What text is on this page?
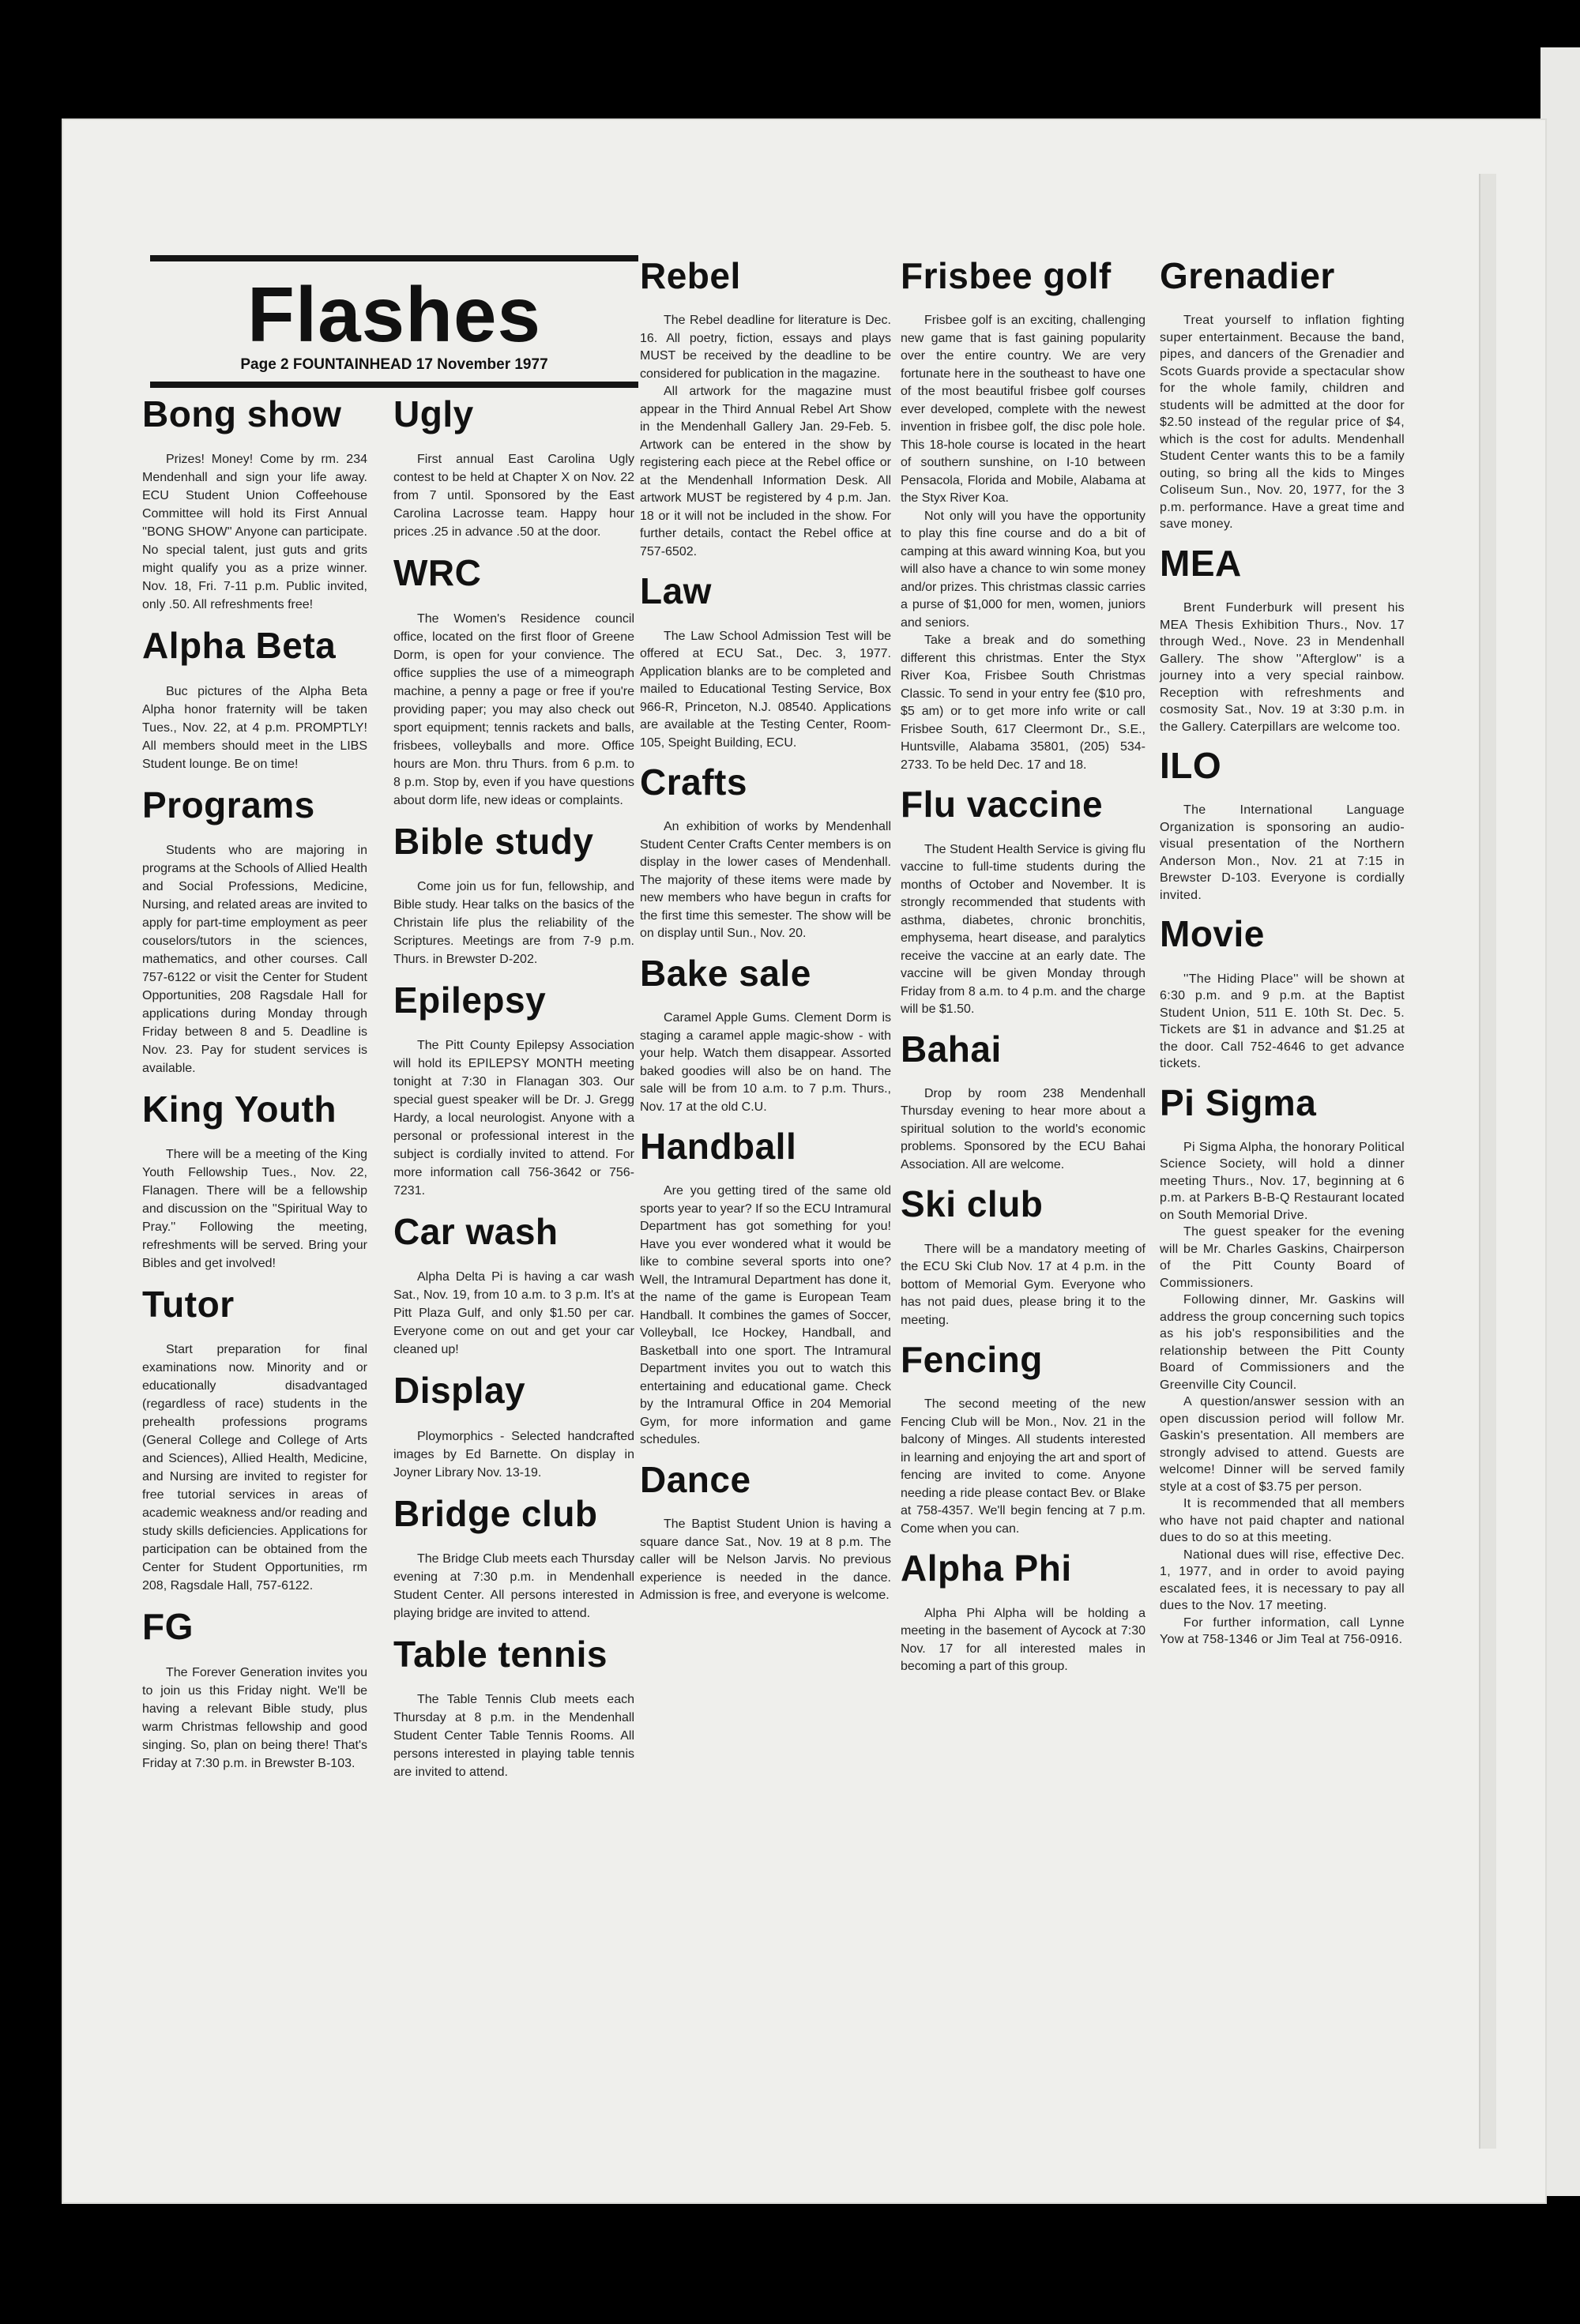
Flashes
Page 2 FOUNTAINHEAD 17 November 1977
Bong show

Prizes! Money! Come by rm. 234 Mendenhall and sign your life away. ECU Student Union Coffeehouse Committee will hold its First Annual ''BONG SHOW'' Anyone can participate. No special talent, just guts and grits might qualify you as a prize winner. Nov. 18, Fri. 7-11 p.m. Public invited, only .50. All refreshments free!

Alpha Beta

Buc pictures of the Alpha Beta Alpha honor fraternity will be taken Tues., Nov. 22, at 4 p.m. PROMPTLY! All members should meet in the LIBS Student lounge. Be on time!

Programs

Students who are majoring in programs at the Schools of Allied Health and Social Professions, Medicine, Nursing, and related areas are invited to apply for part-time employment as peer couselors/tutors in the sciences, mathematics, and other courses. Call 757-6122 or visit the Center for Student Opportunities, 208 Ragsdale Hall for applications during Monday through Friday between 8 and 5. Deadline is Nov. 23. Pay for student services is available.

King Youth

There will be a meeting of the King Youth Fellowship Tues., Nov. 22, Flanagen. There will be a fellowship and discussion on the ''Spiritual Way to Pray.'' Following the meeting, refreshments will be served. Bring your Bibles and get involved!

Tutor

Start preparation for final examinations now. Minority and or educationally disadvantaged (regardless of race) students in the prehealth professions programs (General College and College of Arts and Sciences), Allied Health, Medicine, and Nursing are invited to register for free tutorial services in areas of academic weakness and/or reading and study skills deficiencies. Applications for participation can be obtained from the Center for Student Opportunities, rm 208, Ragsdale Hall, 757-6122.

FG

The Forever Generation invites you to join us this Friday night. We'll be having a relevant Bible study, plus warm Christmas fellowship and good singing. So, plan on being there! That's Friday at 7:30 p.m. in Brewster B-103.

Ugly

First annual East Carolina Ugly contest to be held at Chapter X on Nov. 22 from 7 until. Sponsored by the East Carolina Lacrosse team. Happy hour prices .25 in advance .50 at the door.

WRC

The Women's Residence council office, located on the first floor of Greene Dorm, is open for your convience. The office supplies the use of a mimeograph machine, a penny a page or free if you're providing paper; you may also check out sport equipment; tennis rackets and balls, frisbees, volleyballs and more. Office hours are Mon. thru Thurs. from 6 p.m. to 8 p.m. Stop by, even if you have questions about dorm life, new ideas or complaints.

Bible study

Come join us for fun, fellowship, and Bible study. Hear talks on the basics of the Christain life plus the reliability of the Scriptures. Meetings are from 7-9 p.m. Thurs. in Brewster D-202.

Epilepsy

The Pitt County Epilepsy Association will hold its EPILEPSY MONTH meeting tonight at 7:30 in Flanagan 303. Our special guest speaker will be Dr. J. Gregg Hardy, a local neurologist. Anyone with a personal or professional interest in the subject is cordially invited to attend. For more information call 756-3642 or 756-7231.

Car wash

Alpha Delta Pi is having a car wash Sat., Nov. 19, from 10 a.m. to 3 p.m. It's at Pitt Plaza Gulf, and only $1.50 per car. Everyone come on out and get your car cleaned up!

Display

Ploymorphics - Selected handcrafted images by Ed Barnette. On display in Joyner Library Nov. 13-19.

Bridge club

The Bridge Club meets each Thursday evening at 7:30 p.m. in Mendenhall Student Center. All persons interested in playing bridge are invited to attend.

Table tennis

The Table Tennis Club meets each Thursday at 8 p.m. in the Mendenhall Student Center Table Tennis Rooms. All persons interested in playing table tennis are invited to attend.

Rebel

The Rebel deadline for literature is Dec. 16. All poetry, fiction, essays and plays MUST be received by the deadline to be considered for publication in the magazine.

All artwork for the magazine must appear in the Third Annual Rebel Art Show in the Mendenhall Gallery Jan. 29-Feb. 5. Artwork can be entered in the show by registering each piece at the Rebel office or at the Mendenhall Information Desk. All artwork MUST be registered by 4 p.m. Jan. 18 or it will not be included in the show. For further details, contact the Rebel office at 757-6502.

Law

The Law School Admission Test will be offered at ECU Sat., Dec. 3, 1977. Application blanks are to be completed and mailed to Educational Testing Service, Box 966-R, Princeton, N.J. 08540. Applications are available at the Testing Center, Room-105, Speight Building, ECU.

Crafts

An exhibition of works by Mendenhall Student Center Crafts Center members is on display in the lower cases of Mendenhall. The majority of these items were made by new members who have begun in crafts for the first time this semester. The show will be on display until Sun., Nov. 20.

Bake sale

Caramel Apple Gums. Clement Dorm is staging a caramel apple magic-show - with your help. Watch them disappear. Assorted baked goodies will also be on hand. The sale will be from 10 a.m. to 7 p.m. Thurs., Nov. 17 at the old C.U.

Handball

Are you getting tired of the same old sports year to year? If so the ECU Intramural Department has got something for you! Have you ever wondered what it would be like to combine several sports into one? Well, the Intramural Department has done it, the name of the game is European Team Handball. It combines the games of Soccer, Volleyball, Ice Hockey, Handball, and Basketball into one sport. The Intramural Department invites you out to watch this entertaining and educational game. Check by the Intramural Office in 204 Memorial Gym, for more information and game schedules.

Dance

The Baptist Student Union is having a square dance Sat., Nov. 19 at 8 p.m. The caller will be Nelson Jarvis. No previous experience is needed in the dance. Admission is free, and everyone is welcome.

Frisbee golf

Frisbee golf is an exciting, challenging new game that is fast gaining popularity over the entire country. We are very fortunate here in the southeast to have one of the most beautiful frisbee golf courses ever developed, complete with the newest invention in frisbee golf, the disc pole hole. This 18-hole course is located in the heart of southern sunshine, on I-10 between Pensacola, Florida and Mobile, Alabama at the Styx River Koa.

Not only will you have the opportunity to play this fine course and do a bit of camping at this award winning Koa, but you will also have a chance to win some money and/or prizes. This christmas classic carries a purse of $1,000 for men, women, juniors and seniors.

Take a break and do something different this christmas. Enter the Styx River Koa, Frisbee South Christmas Classic. To send in your entry fee ($10 pro, $5 am) or to get more info write or call Frisbee South, 617 Cleermont Dr., S.E., Huntsville, Alabama 35801, (205) 534-2733. To be held Dec. 17 and 18.

Flu vaccine

The Student Health Service is giving flu vaccine to full-time students during the months of October and November. It is strongly recommended that students with asthma, diabetes, chronic bronchitis, emphysema, heart disease, and paralytics receive the vaccine at an early date. The vaccine will be given Monday through Friday from 8 a.m. to 4 p.m. and the charge will be $1.50.

Bahai

Drop by room 238 Mendenhall Thursday evening to hear more about a spiritual solution to the world's economic problems. Sponsored by the ECU Bahai Association. All are welcome.

Ski club

There will be a mandatory meeting of the ECU Ski Club Nov. 17 at 4 p.m. in the bottom of Memorial Gym. Everyone who has not paid dues, please bring it to the meeting.

Fencing

The second meeting of the new Fencing Club will be Mon., Nov. 21 in the balcony of Minges. All students interested in learning and enjoying the art and sport of fencing are invited to come. Anyone needing a ride please contact Bev. or Blake at 758-4357. We'll begin fencing at 7 p.m. Come when you can.

Alpha Phi

Alpha Phi Alpha will be holding a meeting in the basement of Aycock at 7:30 Nov. 17 for all interested males in becoming a part of this group.

Grenadier

Treat yourself to inflation fighting super entertainment. Because the band, pipes, and dancers of the Grenadier and Scots Guards provide a spectacular show for the whole family, children and students will be admitted at the door for $2.50 instead of the regular price of $4, which is the cost for adults. Mendenhall Student Center wants this to be a family outing, so bring all the kids to Minges Coliseum Sun., Nov. 20, 1977, for the 3 p.m. performance. Have a great time and save money.

MEA

Brent Funderburk will present his MEA Thesis Exhibition Thurs., Nov. 17 through Wed., Nove. 23 in Mendenhall Gallery. The show ''Afterglow'' is a journey into a very special rainbow. Reception with refreshments and cosmosity Sat., Nov. 19 at 3:30 p.m. in the Gallery. Caterpillars are welcome too.

ILO

The International Language Organization is sponsoring an audio-visual presentation of the Northern Anderson Mon., Nov. 21 at 7:15 in Brewster D-103. Everyone is cordially invited.

Movie

''The Hiding Place'' will be shown at 6:30 p.m. and 9 p.m. at the Baptist Student Union, 511 E. 10th St. Dec. 5. Tickets are $1 in advance and $1.25 at the door. Call 752-4646 to get advance tickets.

Pi Sigma

Pi Sigma Alpha, the honorary Political Science Society, will hold a dinner meeting Thurs., Nov. 17, beginning at 6 p.m. at Parkers B-B-Q Restaurant located on South Memorial Drive.

The guest speaker for the evening will be Mr. Charles Gaskins, Chairperson of the Pitt County Board of Commissioners.

Following dinner, Mr. Gaskins will address the group concerning such topics as his job's responsibilities and the relationship between the Pitt County Board of Commissioners and the Greenville City Council.

A question/answer session with an open discussion period will follow Mr. Gaskin's presentation. All members are strongly advised to attend. Guests are welcome! Dinner will be served family style at a cost of $3.75 per person.

It is recommended that all members who have not paid chapter and national dues to do so at this meeting.

National dues will rise, effective Dec. 1, 1977, and in order to avoid paying escalated fees, it is necessary to pay all dues to the Nov. 17 meeting.

For further information, call Lynne Yow at 758-1346 or Jim Teal at 756-0916.
